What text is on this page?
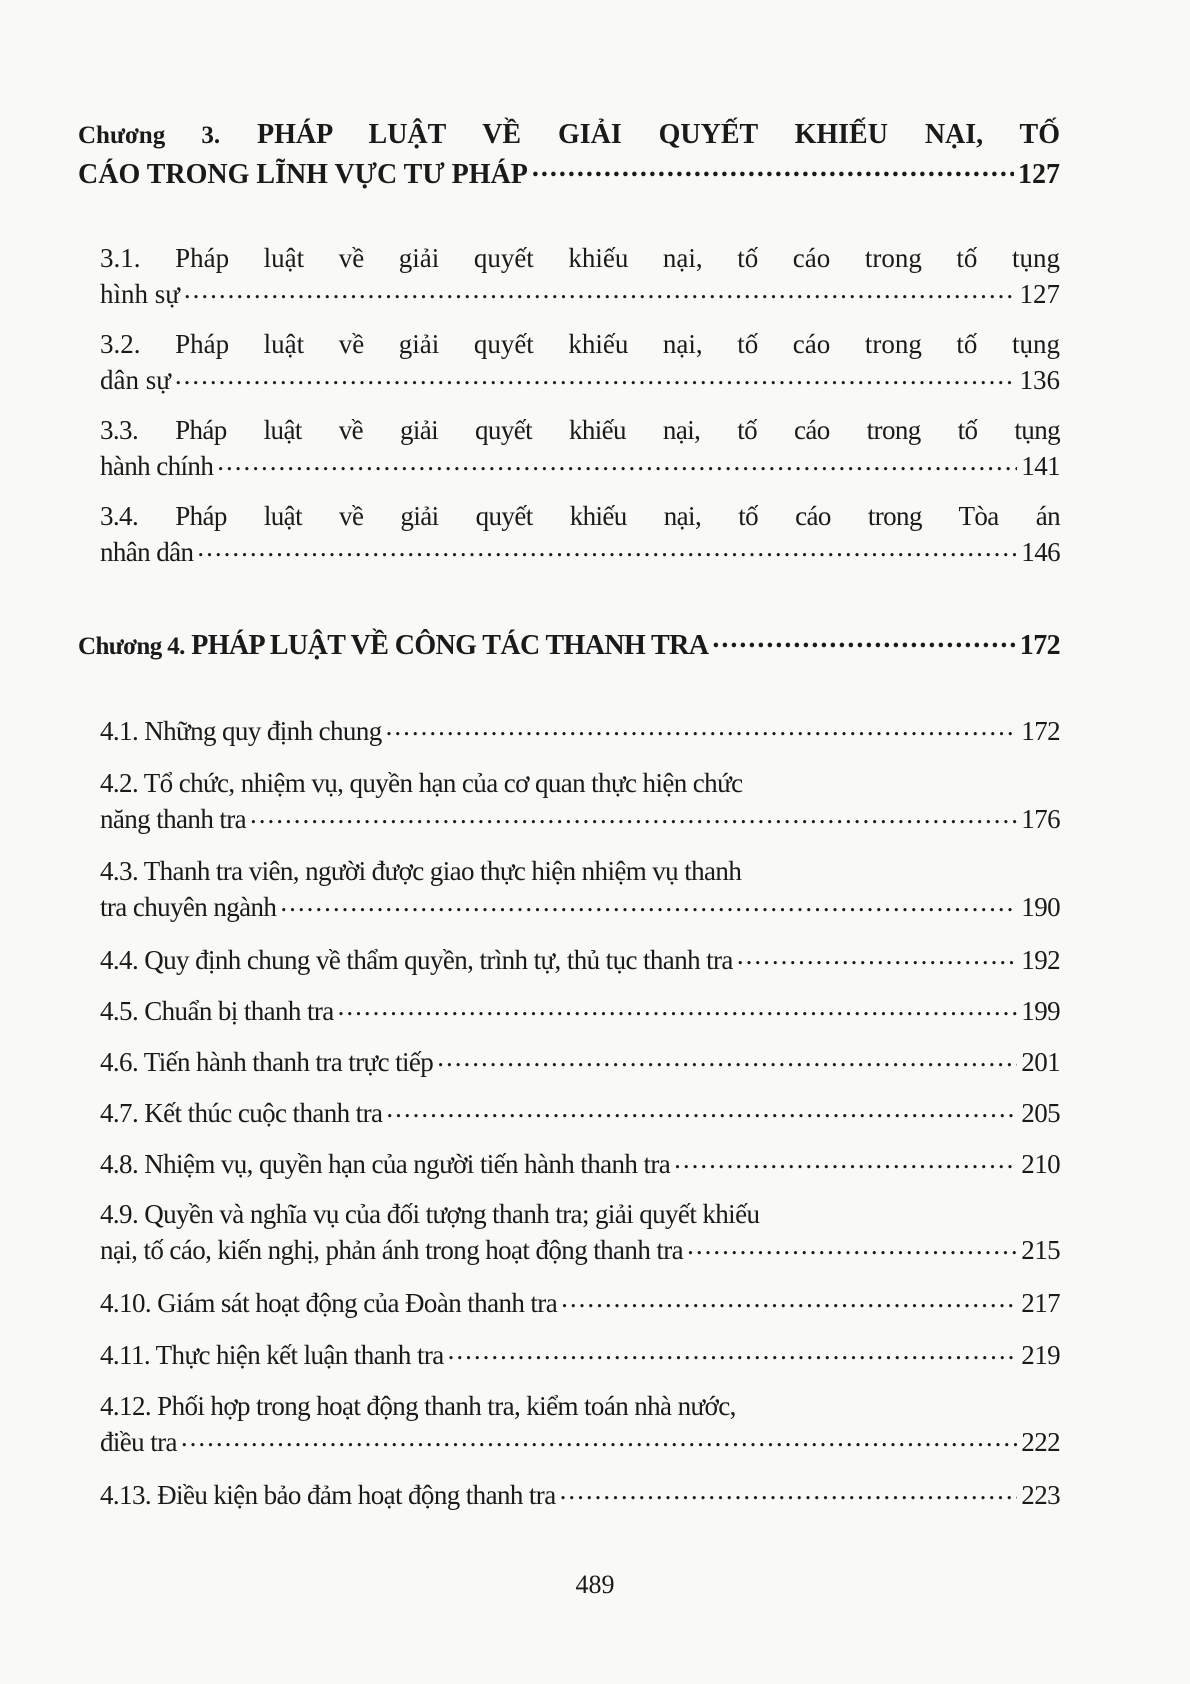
Chương 3. PHÁP LUẬT VỀ GIẢI QUYẾT KHIẾU NẠI, TỐ
CÁO TRONG LĨNH VỰC TƯ PHÁP .....	127
3.1. Pháp luật về giải quyết khiếu nại, tố cáo trong tố tụng
hình sự .....	127
3.2. Pháp luật về giải quyết khiếu nại, tố cáo trong tố tụng
dân sự .....	136
3.3. Pháp luật về giải quyết khiếu nại, tố cáo trong tố tụng
hành chính .....	141
3.4. Pháp luật về giải quyết khiếu nại, tố cáo trong Tòa án
nhân dân .....	146
Chương 4. PHÁP LUẬT VỀ CÔNG TÁC THANH TRA .....	172
4.1. Những quy định chung .....	172
4.2. Tổ chức, nhiệm vụ, quyền hạn của cơ quan thực hiện chức
năng thanh tra .....	176
4.3. Thanh tra viên, người được giao thực hiện nhiệm vụ thanh
tra chuyên ngành .....	190
4.4. Quy định chung về thẩm quyền, trình tự, thủ tục thanh tra .....	192
4.5. Chuẩn bị thanh tra .....	199
4.6. Tiến hành thanh tra trực tiếp .....	201
4.7. Kết thúc cuộc thanh tra .....	205
4.8. Nhiệm vụ, quyền hạn của người tiến hành thanh tra .....	210
4.9. Quyền và nghĩa vụ của đối tượng thanh tra; giải quyết khiếu
nại, tố cáo, kiến nghị, phản ánh trong hoạt động thanh tra .....	215
4.10. Giám sát hoạt động của Đoàn thanh tra .....	217
4.11. Thực hiện kết luận thanh tra .....	219
4.12. Phối hợp trong hoạt động thanh tra, kiểm toán nhà nước,
điều tra .....	222
4.13. Điều kiện bảo đảm hoạt động thanh tra .....	223
489
